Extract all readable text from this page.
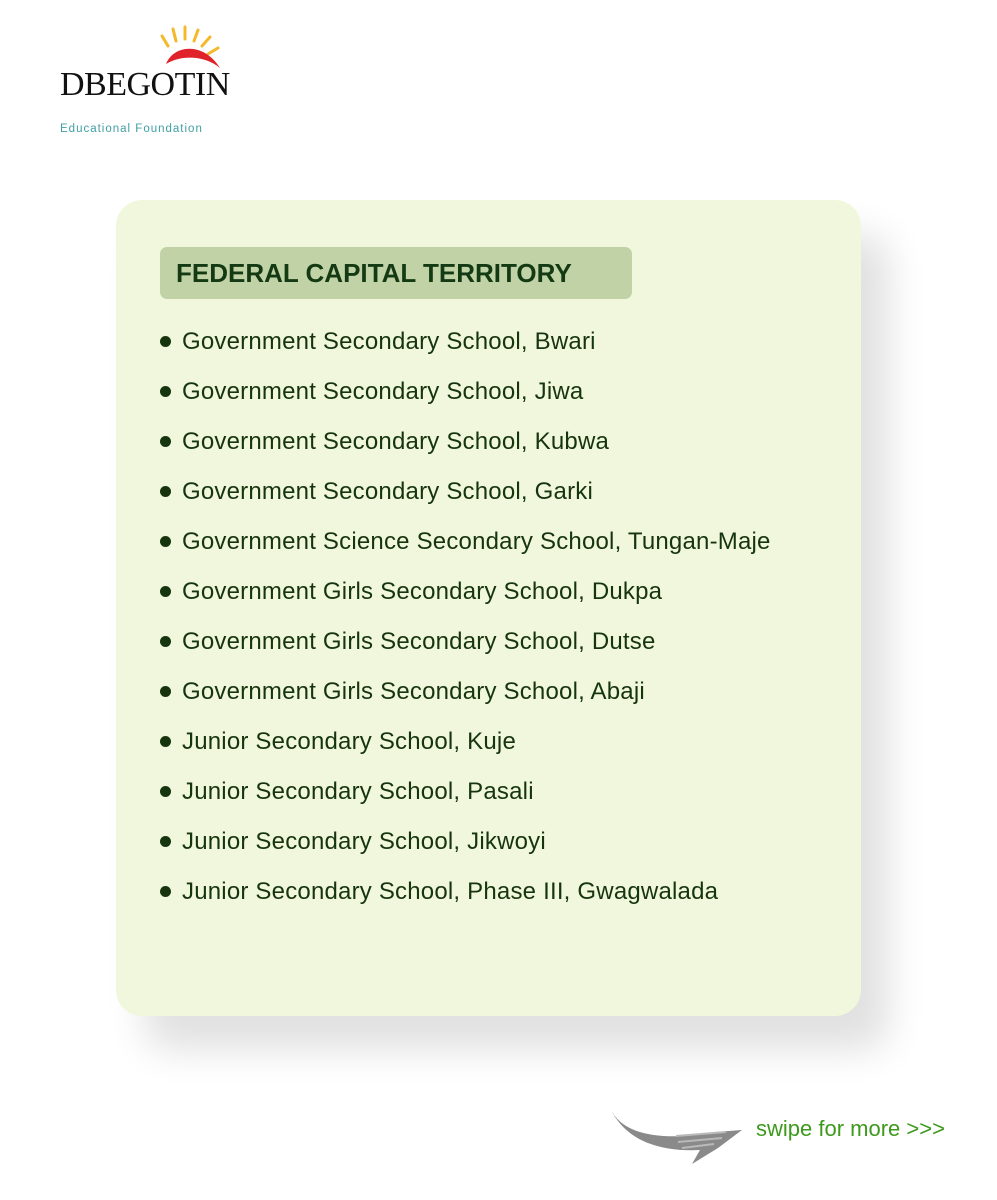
DBEGOTIN
Educational Foundation
FEDERAL CAPITAL TERRITORY
Government Secondary School, Bwari
Government Secondary School, Jiwa
Government Secondary School, Kubwa
Government Secondary School, Garki
Government Science Secondary School, Tungan-Maje
Government Girls Secondary School, Dukpa
Government Girls Secondary School, Dutse
Government Girls Secondary School, Abaji
Junior Secondary School, Kuje
Junior Secondary School, Pasali
Junior Secondary School, Jikwoyi
Junior Secondary School, Phase III, Gwagwalada
swipe for more >>>
